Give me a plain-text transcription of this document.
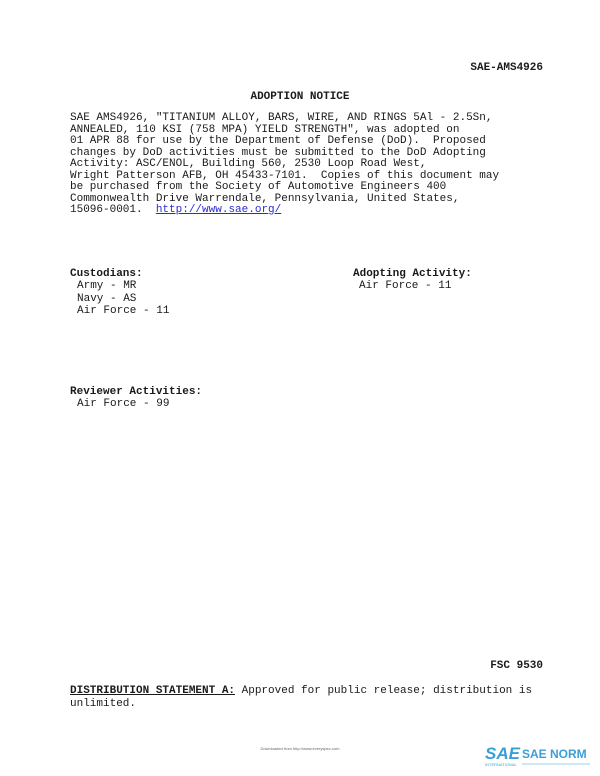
SAE-AMS4926
ADOPTION NOTICE
SAE AMS4926, "TITANIUM ALLOY, BARS, WIRE, AND RINGS 5Al - 2.5Sn,
ANNEALED, 110 KSI (758 MPA) YIELD STRENGTH", was adopted on
01 APR 88 for use by the Department of Defense (DoD).  Proposed
changes by DoD activities must be submitted to the DoD Adopting
Activity: ASC/ENOL, Building 560, 2530 Loop Road West,
Wright Patterson AFB, OH 45433-7101.  Copies of this document may
be purchased from the Society of Automotive Engineers 400
Commonwealth Drive Warrendale, Pennsylvania, United States,
15096-0001.  http://www.sae.org/
Custodians:
Army - MR
Navy - AS
Air Force - 11
Adopting Activity:
Air Force - 11
Reviewer Activities:
Air Force - 99
FSC 9530
DISTRIBUTION STATEMENT A: Approved for public release; distribution is unlimited.
Downloaded from http://www.everyspec.com	SAE SAE NORM
INTERNATIONAL
